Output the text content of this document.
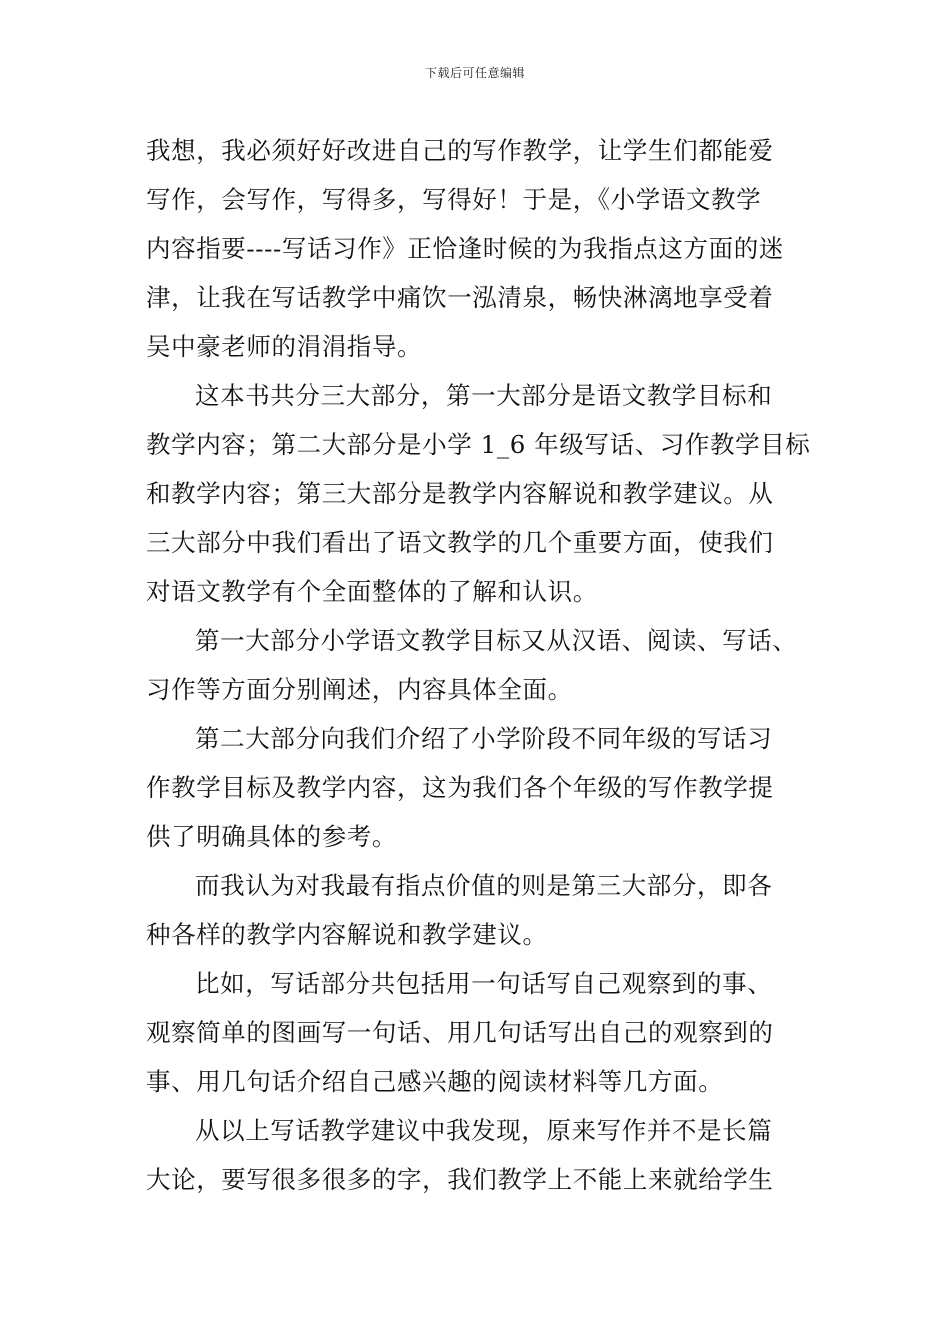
下载后可任意编辑
我想，我必须好好改进自己的写作教学，让学生们都能爱
写作，会写作，写得多，写得好！于是，《小学语文教学
内容指要----写话习作》正恰逢时候的为我指点这方面的迷
津，让我在写话教学中痛饮一泓清泉，畅快淋漓地享受着
吴中豪老师的涓涓指导。
这本书共分三大部分，第一大部分是语文教学目标和
教学内容；第二大部分是小学 1_6 年级写话、习作教学目标
和教学内容；第三大部分是教学内容解说和教学建议。从
三大部分中我们看出了语文教学的几个重要方面，使我们
对语文教学有个全面整体的了解和认识。
第一大部分小学语文教学目标又从汉语、阅读、写话、
习作等方面分别阐述，内容具体全面。
第二大部分向我们介绍了小学阶段不同年级的写话习
作教学目标及教学内容，这为我们各个年级的写作教学提
供了明确具体的参考。
而我认为对我最有指点价值的则是第三大部分，即各
种各样的教学内容解说和教学建议。
比如，写话部分共包括用一句话写自己观察到的事、
观察简单的图画写一句话、用几句话写出自己的观察到的
事、用几句话介绍自己感兴趣的阅读材料等几方面。
从以上写话教学建议中我发现，原来写作并不是长篇
大论，要写很多很多的字，我们教学上不能上来就给学生
